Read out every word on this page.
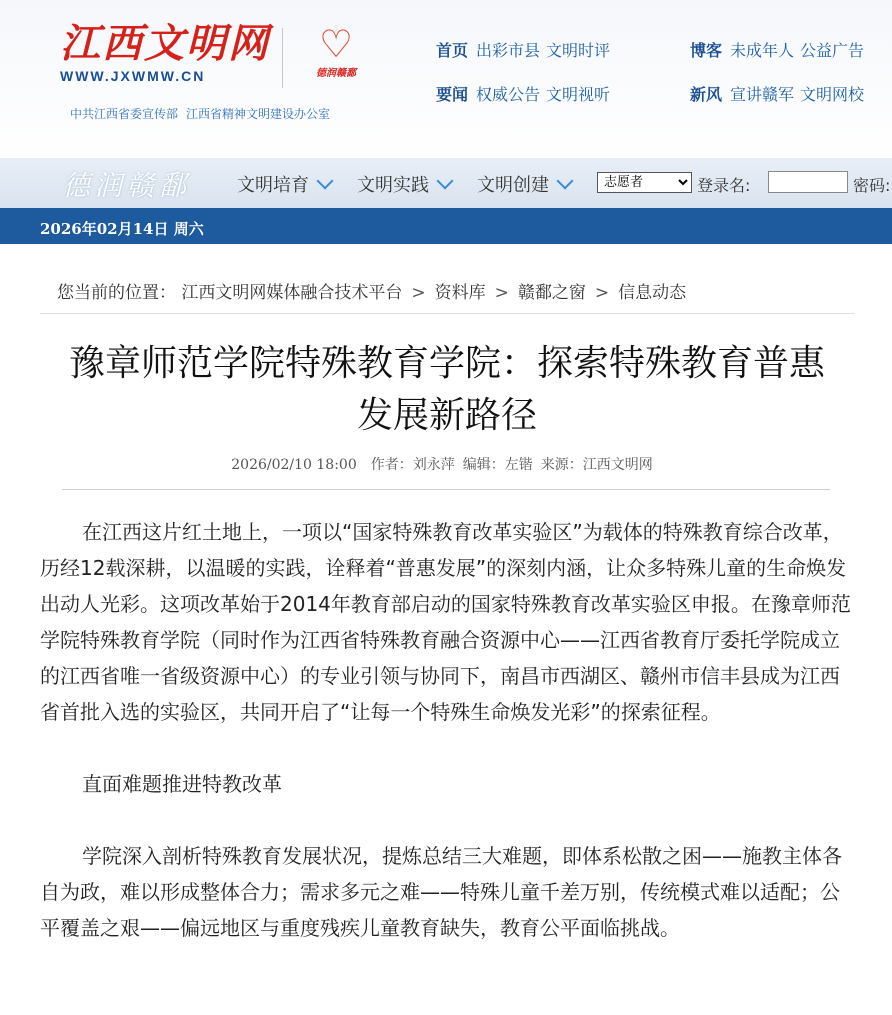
江西文明网
WWW.JXWMW.CN
♡
德润赣鄱
中共江西省委宣传部 江西省精神文明建设办公室
首页 出彩市县 文明时评	博客 未成年人 公益广告
要闻 权威公告 文明视听	新风 宣讲赣军 文明网校
德润赣鄱	文明培育	文明实践	文明创建
志愿者	登录名:	密码:
2026年02月14日 周六
您当前的位置： 江西文明网媒体融合技术平台 > 资料库 > 赣鄱之窗 > 信息动态
豫章师范学院特殊教育学院：探索特殊教育普惠发展新路径
2026/02/10 18:00 作者：刘永萍 编辑：左锴 来源：江西文明网

在江西这片红土地上，一项以“国家特殊教育改革实验区”为载体的特殊教育综合改革，历经12载深耕，以温暖的实践，诠释着“普惠发展”的深刻内涵，让众多特殊儿童的生命焕发出动人光彩。这项改革始于2014年教育部启动的国家特殊教育改革实验区申报。在豫章师范学院特殊教育学院（同时作为江西省特殊教育融合资源中心——江西省教育厅委托学院成立的江西省唯一省级资源中心）的专业引领与协同下，南昌市西湖区、赣州市信丰县成为江西省首批入选的实验区，共同开启了“让每一个特殊生命焕发光彩”的探索征程。

直面难题推进特教改革

学院深入剖析特殊教育发展状况，提炼总结三大难题，即体系松散之困——施教主体各自为政，难以形成整体合力；需求多元之难——特殊儿童千差万别，传统模式难以适配；公平覆盖之艰——偏远地区与重度残疾儿童教育缺失，教育公平面临挑战。
